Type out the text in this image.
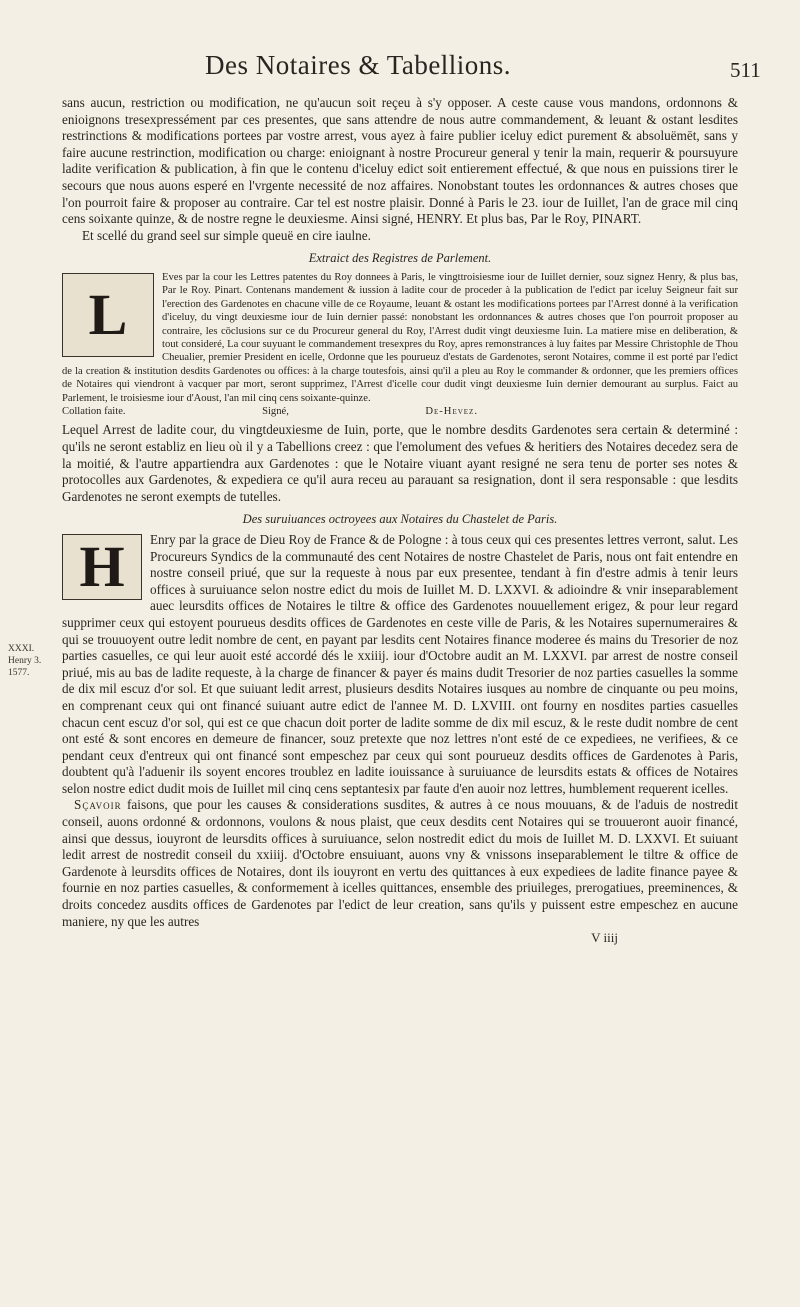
Des Notaires & Tabellions.	511
XXXI.
Henry 3.
1577.

sans aucun, restriction ou modification, ne qu'aucun soit reçeu à s'y opposer. A ceste cause vous mandons, ordonnons & enioignons tresexpressément par ces presentes, que sans attendre de nous autre commandement, & leuant & ostant lesdites restrinctions & modifications portees par vostre arrest, vous ayez à faire publier iceluy edict purement & absoluëmēt, sans y faire aucune restrinction, modification ou charge: enioignant à nostre Procureur general y tenir la main, requerir & poursuyure ladite verification & publication, à fin que le contenu d'iceluy edict soit entierement effectué, & que nous en puissions tirer le secours que nous auons esperé en l'vrgente necessité de noz affaires. Nonobstant toutes les ordonnances & autres choses que l'on pourroit faire & proposer au contraire. Car tel est nostre plaisir. Donné à Paris le 23. iour de Iuillet, l'an de grace mil cinq cens soixante quinze, & de nostre regne le deuxiesme. Ainsi signé, HENRY. Et plus bas, Par le Roy, PINART.

Et scellé du grand seel sur simple queuë en cire iaulne.

Extraict des Registres de Parlement.
L
Eves par la cour les Lettres patentes du Roy donnees à Paris, le vingttroisiesme iour de Iuillet dernier, souz signez Henry, & plus bas, Par le Roy. Pinart. Contenans mandement & iussion à ladite cour de proceder à la publication de l'edict par iceluy Seigneur fait sur l'erection des Gardenotes en chacune ville de ce Royaume, leuant & ostant les modifications portees par l'Arrest donné à la verification d'iceluy, du vingt deuxiesme iour de Iuin dernier passé: nonobstant les ordonnances & autres choses que l'on pourroit proposer au contraire, les cōclusions sur ce du Procureur general du Roy, l'Arrest dudit vingt deuxiesme Iuin. La matiere mise en deliberation, & tout consideré, La cour suyuant le commandement tresexpres du Roy, apres remonstrances à luy faites par Messire Christophle de Thou Cheualier, premier President en icelle, Ordonne que les pourueuz d'estats de Gardenotes, seront Notaires, comme il est porté par l'edict de la creation & institution desdits Gardenotes ou offices: à la charge toutesfois, ainsi qu'il a pleu au Roy le commander & ordonner, que les premiers offices de Notaires qui viendront à vacquer par mort, seront supprimez, l'Arrest d'icelle cour dudit vingt deuxiesme Iuin dernier demourant au surplus. Faict au Parlement, le troisiesme iour d'Aoust, l'an mil cinq cens soixante-quinze.
Collation faite.	Signé,	De-Hevez.

Lequel Arrest de ladite cour, du vingtdeuxiesme de Iuin, porte, que le nombre desdits Gardenotes sera certain & determiné : qu'ils ne seront establiz en lieu où il y a Tabellions creez : que l'emolument des vefues & heritiers des Notaires decedez sera de la moitié, & l'autre appartiendra aux Gardenotes : que le Notaire viuant ayant resigné ne sera tenu de porter ses notes & protocolles aux Gardenotes, & expediera ce qu'il aura receu au parauant sa resignation, dont il sera responsable : que lesdits Gardenotes ne seront exempts de tutelles.

Des suruiuances octroyees aux Notaires du Chastelet de Paris.
H Enry par la grace de Dieu Roy de France & de Pologne : à tous ceux qui ces presentes lettres verront, salut. Les Procureurs Syndics de la communauté des cent Notaires de nostre Chastelet de Paris, nous ont fait entendre en nostre conseil priué, que sur la requeste à nous par eux presentee, tendant à fin d'estre admis à tenir leurs offices à suruiuance selon nostre edict du mois de Iuillet M. D. LXXVI. & adioindre & vnir inseparablement auec leursdits offices de Notaires le tiltre & office des Gardenotes nouuellement erigez, & pour leur regard supprimer ceux qui estoyent pourueus desdits offices de Gardenotes en ceste ville de Paris, & les Notaires supernumeraires & qui se trouuoyent outre ledit nombre de cent, en payant par lesdits cent Notaires finance moderee és mains du Tresorier de noz parties casuelles, ce qui leur auoit esté accordé dés le xxiiij. iour d'Octobre audit an M. LXXVI. par arrest de nostre conseil priué, mis au bas de ladite requeste, à la charge de financer & payer és mains dudit Tresorier de noz parties casuelles la somme de dix mil escuz d'or sol. Et que suiuant ledit arrest, plusieurs desdits Notaires iusques au nombre de cinquante ou peu moins, en comprenant ceux qui ont financé suiuant autre edict de l'annee M. D. LXVIII. ont fourny en nosdites parties casuelles chacun cent escuz d'or sol, qui est ce que chacun doit porter de ladite somme de dix mil escuz, & le reste dudit nombre de cent ont esté & sont encores en demeure de financer, souz pretexte que noz lettres n'ont esté de ce expediees, ne verifiees, & ce pendant ceux d'entreux qui ont financé sont empeschez par ceux qui sont pourueuz desdits offices de Gardenotes à Paris, doubtent qu'à l'aduenir ils soyent encores troublez en ladite iouissance à suruiuance de leursdits estats & offices de Notaires selon nostre edict dudit mois de Iuillet mil cinq cens septantesix par faute d'en auoir noz lettres, humblement requerent icelles.

Sçavoir faisons, que pour les causes & considerations susdites, & autres à ce nous mouuans, & de l'aduis de nostredit conseil, auons ordonné & ordonnons, voulons & nous plaist, que ceux desdits cent Notaires qui se trouueront auoir financé, ainsi que dessus, iouyront de leursdits offices à suruiuance, selon nostredit edict du mois de Iuillet M. D. LXXVI. Et suiuant ledit arrest de nostredit conseil du xxiiij. d'Octobre ensuiuant, auons vny & vnissons inseparablement le tiltre & office de Gardenote à leursdits offices de Notaires, dont ils iouyront en vertu des quittances à eux expediees de ladite finance payee & fournie en noz parties casuelles, & conformement à icelles quittances, ensemble des priuileges, prerogatiues, preeminences, & droits concedez ausdits offices de Gardenotes par l'edict de leur creation, sans qu'ils y puissent estre empeschez en aucune maniere, ny que les autres

V iiij
